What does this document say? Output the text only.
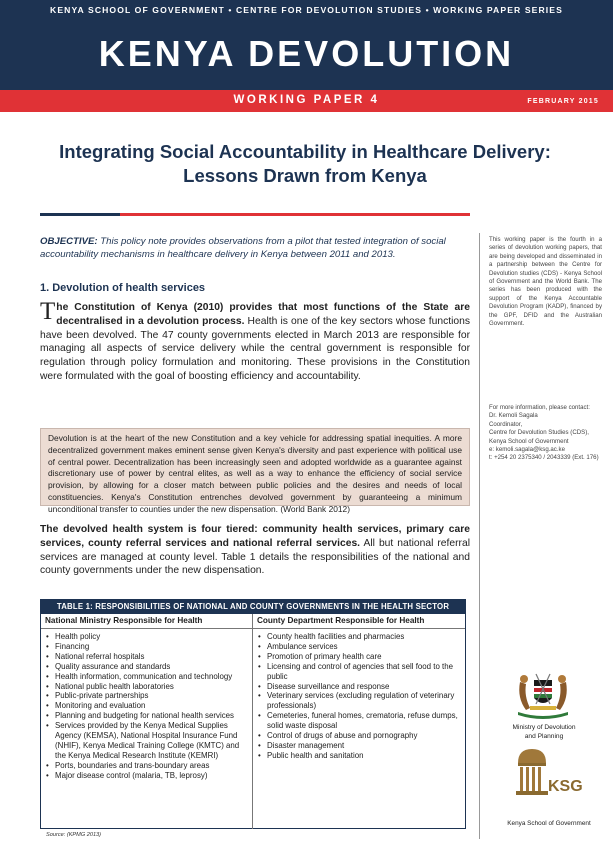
KENYA SCHOOL OF GOVERNMENT • CENTRE FOR DEVOLUTION STUDIES • WORKING PAPER SERIES
KENYA DEVOLUTION
WORKING PAPER 4	FEBRUARY 2015
Integrating Social Accountability in Healthcare Delivery:
Lessons Drawn from Kenya
OBJECTIVE: This policy note provides observations from a pilot that tested integration of social accountability mechanisms in healthcare delivery in Kenya between 2011 and 2013.
1. Devolution of health services
The Constitution of Kenya (2010) provides that most functions of the State are decentralised in a devolution process. Health is one of the key sectors whose functions have been devolved. The 47 county governments elected in March 2013 are responsible for managing all aspects of service delivery while the central government is responsible for regulation through policy formulation and monitoring. These provisions in the Constitution were formulated with the goal of boosting efficiency and accountability.
Devolution is at the heart of the new Constitution and a key vehicle for addressing spatial inequities. A more decentralized government makes eminent sense given Kenya's diversity and past experience with political use of central power. Decentralization has been increasingly seen and adopted worldwide as a guarantee against discretionary use of power by central elites, as well as a way to enhance the efficiency of social service provision, by allowing for a closer match between public policies and the desires and needs of local constituencies. Kenya's Constitution entrenches devolved government by guaranteeing a minimum unconditional transfer to counties under the new dispensation. (World Bank 2012)
The devolved health system is four tiered: community health services, primary care services, county referral services and national referral services. All but national referral services are managed at county level. Table 1 details the responsibilities of the national and county governments under the new dispensation.
TABLE 1: RESPONSIBILITIES OF NATIONAL AND COUNTY GOVERNMENTS IN THE HEALTH SECTOR
National Ministry Responsible for Health	County Department Responsible for Health
• Health policy
• Financing
• National referral hospitals
• Quality assurance and standards
• Health information, communication and technology
• National public health laboratories
• Public-private partnerships
• Monitoring and evaluation
• Planning and budgeting for national health services
• Services provided by the Kenya Medical Supplies Agency (KEMSA), National Hospital Insurance Fund (NHIF), Kenya Medical Training College (KMTC) and the Kenya Medical Research Institute (KEMRI)
• Ports, boundaries and trans-boundary areas
• Major disease control (malaria, TB, leprosy)
• County health facilities and pharmacies
• Ambulance services
• Promotion of primary health care
• Licensing and control of agencies that sell food to the public
• Disease surveillance and response
• Veterinary services (excluding regulation of veterinary professionals)
• Cemeteries, funeral homes, crematoria, refuse dumps, solid waste disposal
• Control of drugs of abuse and pornography
• Disaster management
• Public health and sanitation
Source: (KPMG 2013)
This working paper is the fourth in a series of devolution working papers, that are being developed and disseminated in a partnership between the Centre for Devolution studies (CDS) - Kenya School of Government and the World Bank. The series has been produced with the support of the Kenya Accountable Devolution Program (KADP), financed by the GPF, DFID and the Australian Government.
For more information, please contact:
Dr. Kemoli Sagala
Coordinator,
Centre for Devolution Studies (CDS),
Kenya School of Government
e: kemoli.sagala@ksg.ac.ke
t: +254 20 2375340 / 2043339 (Ext. 176)
Ministry of Devolution
and Planning
KSG
Kenya School of Government
